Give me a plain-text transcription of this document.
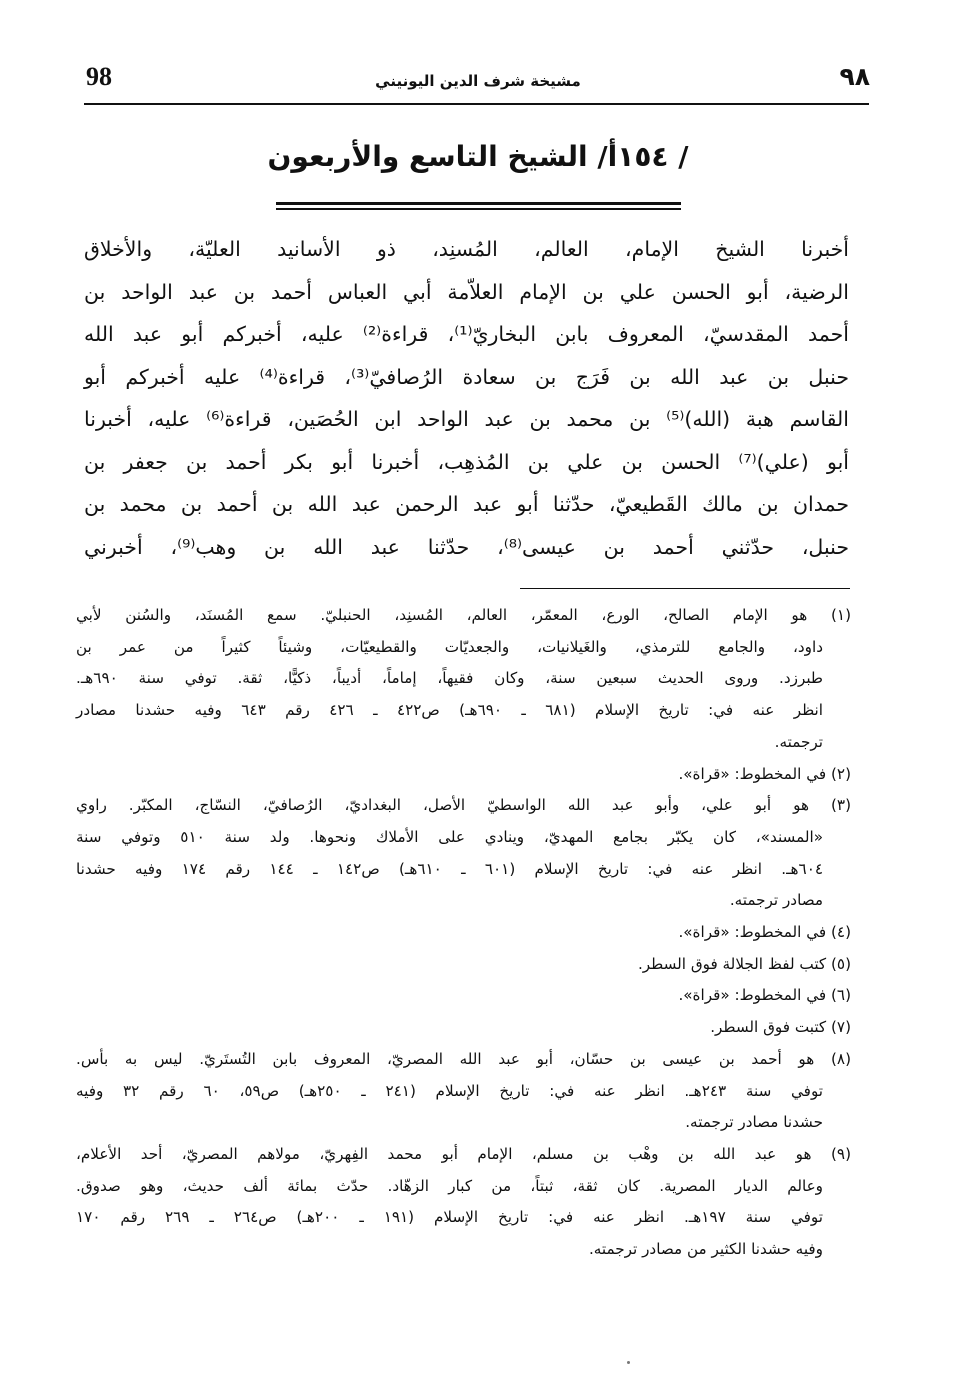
98	مشيخة شرف الدين اليونيني	٩٨
/ ١٥٤أ/ الشيخ التاسع والأربعون
أخبرنا الشيخ الإمام، العالم، المُسنِد، ذو الأسانيد العليّة، والأخلاق
الرضية، أبو الحسن علي بن الإمام العلاّمة أبي العباس أحمد بن عبد الواحد بن
أحمد المقدسيّ، المعروف بابن البخاريّ⁽¹⁾، قراءة⁽²⁾ عليه، أخبركم أبو عبد الله
حنبل بن عبد الله بن فَرَج بن سعادة الرُصافيّ⁽³⁾، قراءة⁽⁴⁾ عليه أخبركم أبو
القاسم هبة (الله)⁽⁵⁾ بن محمد بن عبد الواحد ابن الحُصَين، قراءة⁽⁶⁾ عليه، أخبرنا
أبو (علي)⁽⁷⁾ الحسن بن علي بن المُذهِب، أخبرنا أبو بكر أحمد بن جعفر بن
حمدان بن مالك القَطيعيّ، حدّثنا أبو عبد الرحمن عبد الله بن أحمد بن محمد بن
حنبل، حدّثني أحمد بن عيسى⁽⁸⁾، حدّثنا عبد الله بن وهب⁽⁹⁾، أخبرني
(١) هو الإمام الصالح، الورع، المعمّر، العالم، المُسنِد، الحنبليّ. سمع المُسنَد، والسُنن لأبي
داود، والجامع للترمذي، والغَيلانيات، والجعديّات والقطيعيّات، وشيئاً كثيراً من عمر بن
طبرزد. وروى الحديث سبعين سنة، وكان فقيهاً، إماماً، أديباً، ذكيًّا، ثقة. توفي سنة ٦٩٠هـ.
انظر عنه في: تاريخ الإسلام (٦٨١ ـ ٦٩٠هـ) ص٤٢٢ ـ ٤٢٦ رقم ٦٤٣ وفيه حشدنا مصادر
ترجمته.
(٢) في المخطوط: «قراة».
(٣) هو أبو علي، وأبو عبد الله الواسطيّ الأصل، البغداديّ، الرُصافيّ، النسّاج، المكبّر. راوي
«المسند»، كان يكبّر بجامع المهديّ، وينادي على الأملاك ونحوها. ولد سنة ٥١٠ وتوفي سنة
٦٠٤هـ. انظر عنه في: تاريخ الإسلام (٦٠١ ـ ٦١٠هـ) ص١٤٢ ـ ١٤٤ رقم ١٧٤ وفيه حشدنا
مصادر ترجمته.
(٤) في المخطوط: «قراة».
(٥) كتب لفظ الجلالة فوق السطر.
(٦) في المخطوط: «قراة».
(٧) كتبت فوق السطر.
(٨) هو أحمد بن عيسى بن حسّان، أبو عبد الله المصريّ، المعروف بابن التُستَريّ. ليس به بأس.
توفي سنة ٢٤٣هـ. انظر عنه في: تاريخ الإسلام (٢٤١ ـ ٢٥٠هـ) ص٥٩، ٦٠ رقم ٣٢ وفيه
حشدنا مصادر ترجمته.
(٩) هو عبد الله بن وهْب بن مسلم، الإمام أبو محمد الفِهريّ، مولاهم المصريّ، أحد الأعلام،
وعالم الديار المصرية. كان ثقة، ثبتاً، من كبار الزهّاد. حدّث بمائة ألف حديث، وهو صدوق.
توفي سنة ١٩٧هـ. انظر عنه في: تاريخ الإسلام (١٩١ ـ ٢٠٠هـ) ص٢٦٤ ـ ٢٦٩ رقم ١٧٠
وفيه حشدنا الكثير من مصادر ترجمته.
